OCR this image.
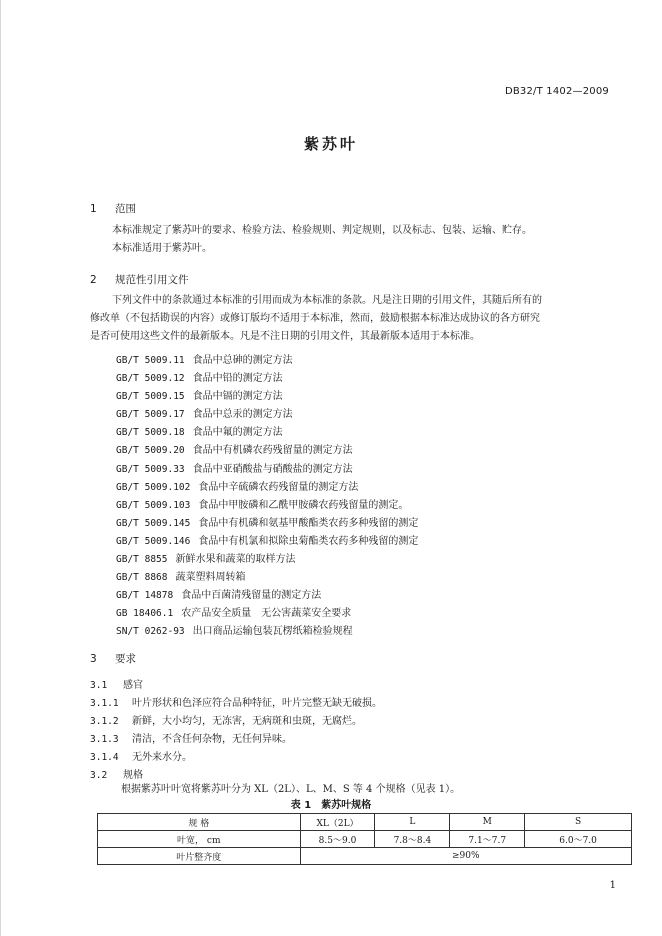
DB32/T 1402—2009
紫苏叶
1 范围

本标准规定了紫苏叶的要求、检验方法、检验规则、判定规则，以及标志、包装、运输、贮存。

本标准适用于紫苏叶。

2 规范性引用文件

下列文件中的条款通过本标准的引用而成为本标准的条款。凡是注日期的引用文件，其随后所有的

修改单（不包括勘误的内容）或修订版均不适用于本标准，然而，鼓励根据本标准达成协议的各方研究

是否可使用这些文件的最新版本。凡是不注日期的引用文件，其最新版本适用于本标准。

GB/T 5009.11 食品中总砷的测定方法
GB/T 5009.12 食品中铅的测定方法
GB/T 5009.15 食品中镉的测定方法
GB/T 5009.17 食品中总汞的测定方法
GB/T 5009.18 食品中氟的测定方法
GB/T 5009.20 食品中有机磷农药残留量的测定方法
GB/T 5009.33 食品中亚硝酸盐与硝酸盐的测定方法
GB/T 5009.102 食品中辛硫磷农药残留量的测定方法
GB/T 5009.103 食品中甲胺磷和乙酰甲胺磷农药残留量的测定。
GB/T 5009.145 食品中有机磷和氨基甲酸酯类农药多种残留的测定
GB/T 5009.146 食品中有机氯和拟除虫菊酯类农药多种残留的测定
GB/T 8855 新鲜水果和蔬菜的取样方法
GB/T 8868 蔬菜塑料周转箱
GB/T 14878 食品中百菌清残留量的测定方法
GB 18406.1 农产品安全质量　无公害蔬菜安全要求
SN/T 0262-93 出口商品运输包装瓦楞纸箱检验规程
3 要求
3.1 感官
3.1.1 叶片形状和色泽应符合品种特征，叶片完整无缺无破损。
3.1.2 新鲜，大小均匀，无冻害，无病斑和虫斑，无腐烂。
3.1.3 清洁，不含任何杂物，无任何异味。
3.1.4 无外来水分。
3.2 规格
根据紫苏叶叶宽将紫苏叶分为 XL（2L）、L、M、S 等 4 个规格（见表 1）。
表 1　紫苏叶规格
规 格	XL（2L）	L	M	S
叶宽， cm	8.5～9.0	7.8～8.4	7.1～7.7	6.0～7.0
叶片整齐度	≥90%			
1
